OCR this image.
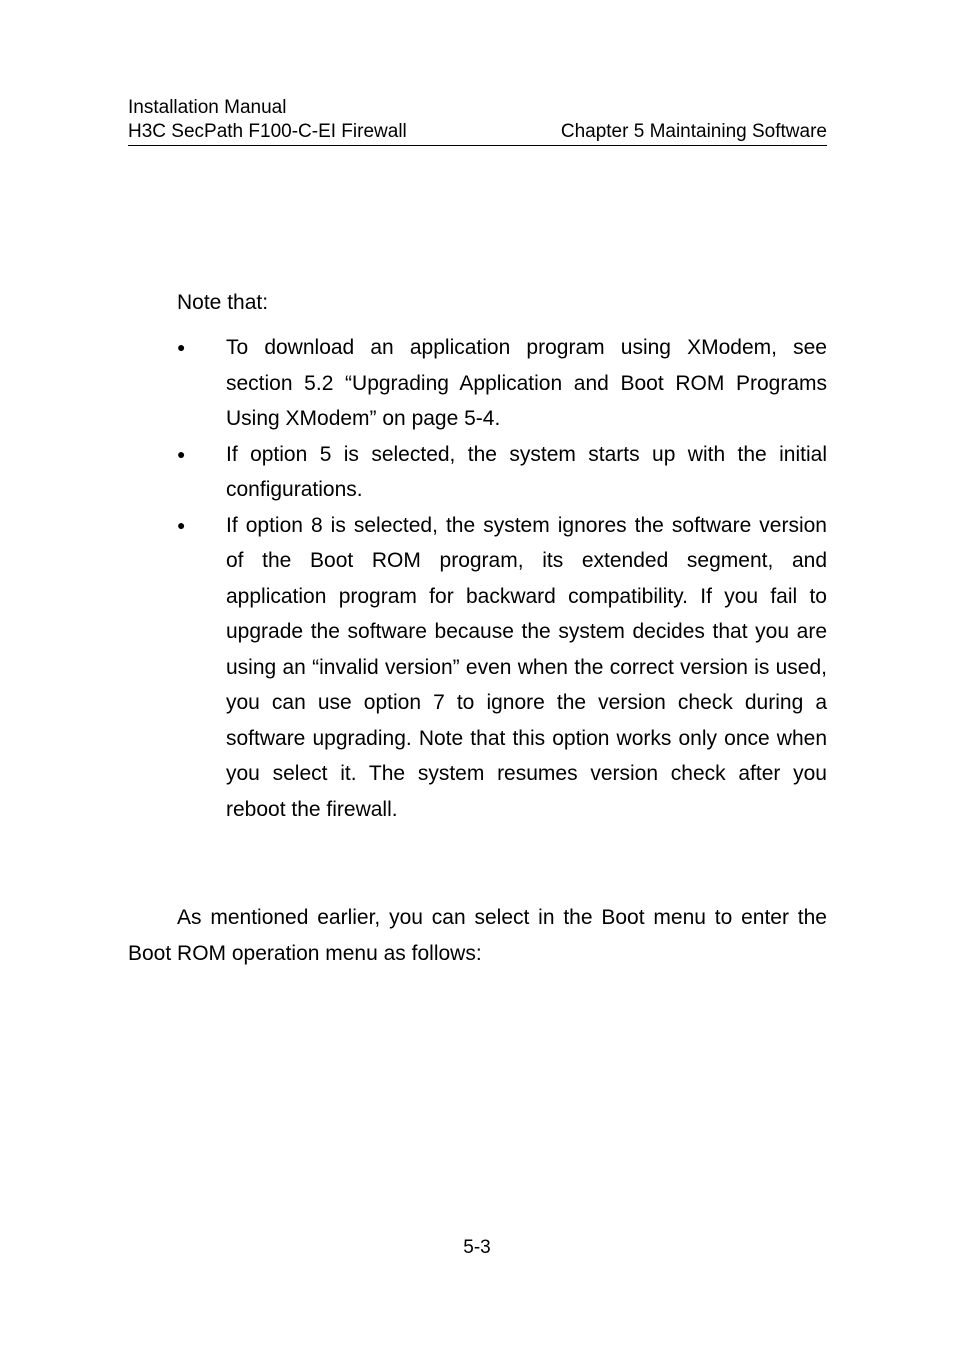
Installation Manual
H3C SecPath F100-C-EI Firewall	Chapter 5 Maintaining Software
Note that:
● To download an application program using XModem, see section 5.2 “Upgrading Application and Boot ROM Programs Using XModem” on page 5-4.
● If option 5 is selected, the system starts up with the initial configurations.
● If option 8 is selected, the system ignores the software version of the Boot ROM program, its extended segment, and application program for backward compatibility. If you fail to upgrade the software because the system decides that you are using an “invalid version” even when the correct version is used, you can use option 7 to ignore the version check during a software upgrading. Note that this option works only once when you select it. The system resumes version check after you reboot the firewall.
As mentioned earlier, you can select in the Boot menu to enter the Boot ROM operation menu as follows:
5-3
